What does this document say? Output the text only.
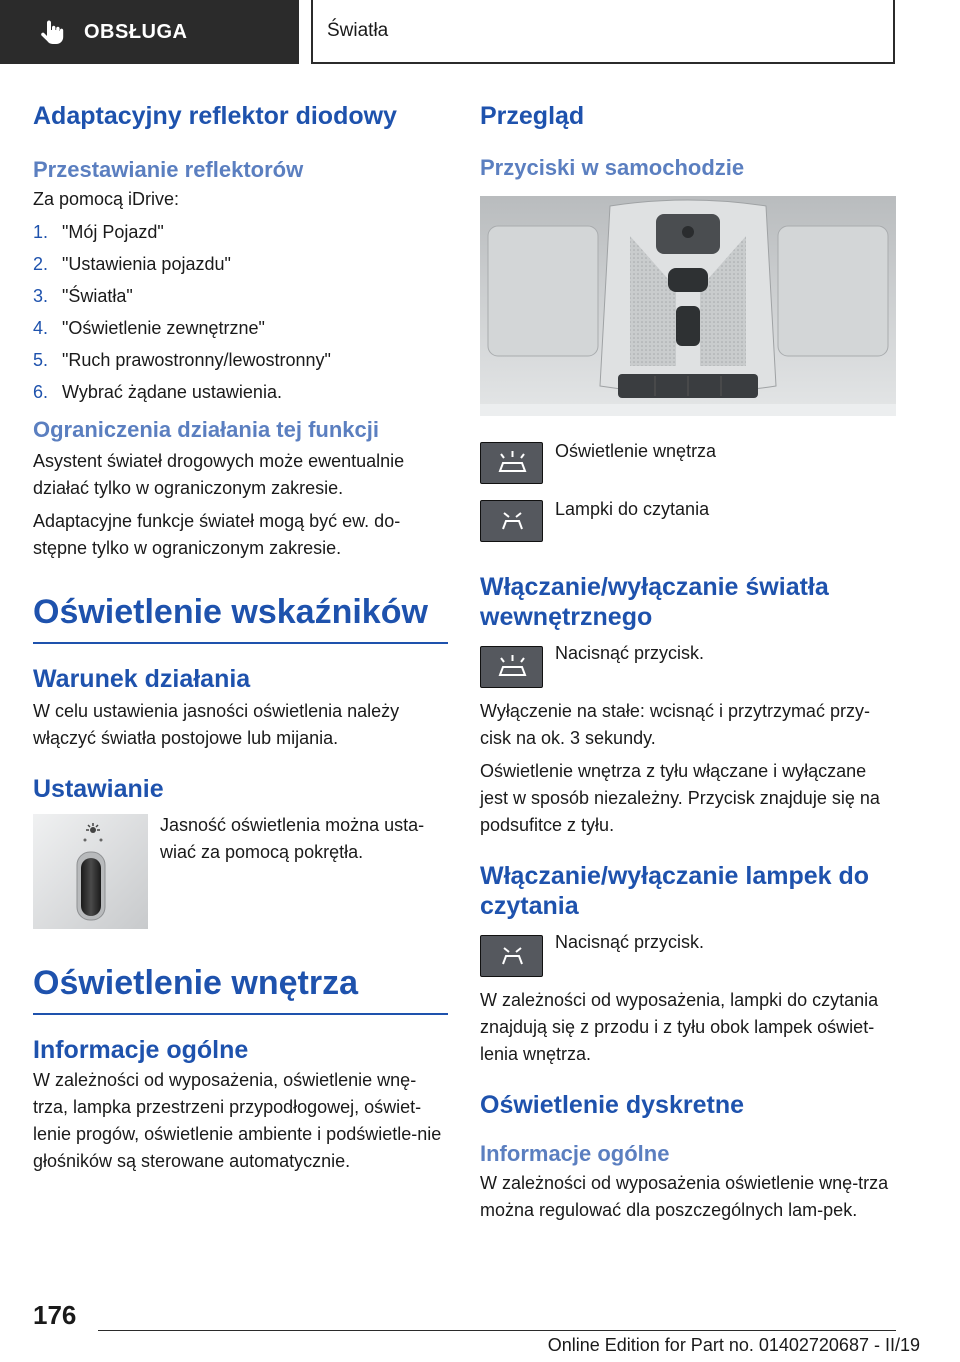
OBSŁUGA	Światła
Adaptacyjny reflektor diodowy
Przestawianie reflektorów
Za pomocą iDrive:
1. "Mój Pojazd"
2. "Ustawienia pojazdu"
3. "Światła"
4. "Oświetlenie zewnętrzne"
5. "Ruch prawostronny/lewostronny"
6. Wybrać żądane ustawienia.
Ograniczenia działania tej funkcji
Asystent świateł drogowych może ewentualnie działać tylko w ograniczonym zakresie.
Adaptacyjne funkcje świateł mogą być ew. do-stępne tylko w ograniczonym zakresie.
Oświetlenie wskaźników
Warunek działania
W celu ustawienia jasności oświetlenia należy włączyć światła postojowe lub mijania.
Ustawianie
Jasność oświetlenia można usta-wiać za pomocą pokrętła.
Oświetlenie wnętrza
Informacje ogólne
W zależności od wyposażenia, oświetlenie wnę-trza, lampka przestrzeni przypodłogowej, oświet-lenie progów, oświetlenie ambiente i podświetle-nie głośników są sterowane automatycznie.
Przegląd
Przyciski w samochodzie
Oświetlenie wnętrza
Lampki do czytania
Włączanie/wyłączanie światła wewnętrznego
Nacisnąć przycisk.
Wyłączenie na stałe: wcisnąć i przytrzymać przy-cisk na ok. 3 sekundy.
Oświetlenie wnętrza z tyłu włączane i wyłączane jest w sposób niezależny. Przycisk znajduje się na podsufitce z tyłu.
Włączanie/wyłączanie lampek do czytania
Nacisnąć przycisk.
W zależności od wyposażenia, lampki do czytania znajdują się z przodu i z tyłu obok lampek oświet-lenia wnętrza.
Oświetlenie dyskretne
Informacje ogólne
W zależności od wyposażenia oświetlenie wnę-trza można regulować dla poszczególnych lam-pek.
176
Online Edition for Part no. 01402720687 - II/19
